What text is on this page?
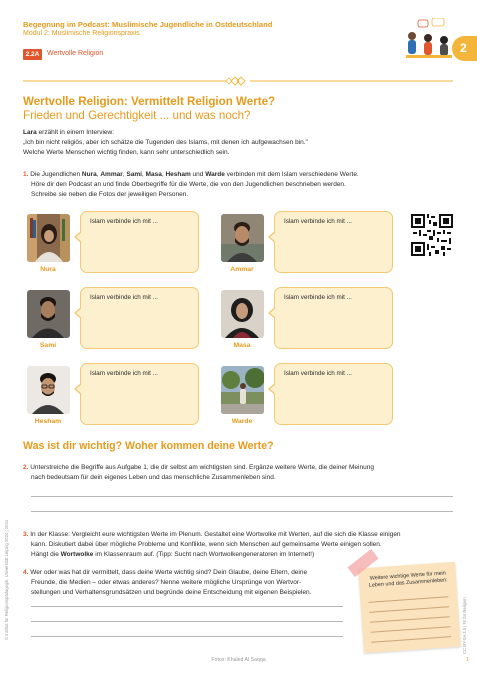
Begegnung im Podcast: Muslimische Jugendliche in Ostdeutschland
Modul 2: Muslimische Religionspraxis
2.2A	Wertvolle Religion	2
Wertvolle Religion: Vermittelt Religion Werte?
Frieden und Gerechtigkeit ... und was noch?
Lara erzählt in einem Interview:
„Ich bin nicht religiös, aber ich schätze die Tugenden des Islams, mit denen ich aufgewachsen bin."
Welche Werte Menschen wichtig finden, kann sehr unterschiedlich sein.
1. Die Jugendlichen Nura, Ammar, Sami, Masa, Hesham und Warde verbinden mit dem Islam verschiedene Werte.
Höre dir den Podcast an und finde Oberbegriffe für die Werte, die von den Jugendlichen beschrieben werden.
Schreibe sie neben die Fotos der jeweiligen Personen.
Nura
Islam verbinde ich mit ...
Ammar
Islam verbinde ich mit ...
Sami
Islam verbinde ich mit ...
Masa
Islam verbinde ich mit ...
Hesham
Islam verbinde ich mit ...
Warde
Islam verbinde ich mit ...
Was ist dir wichtig? Woher kommen deine Werte?
2. Unterstreiche die Begriffe aus Aufgabe 1, die dir selbst am wichtigsten sind. Ergänze weitere Werte, die deiner Meinung
nach bedeutsam für dein eigenes Leben und das menschliche Zusammenleben sind.
3. In der Klasse: Vergleicht eure wichtigsten Werte im Plenum. Gestaltet eine Wortwolke mit Werten, auf die sich die Klasse einigen
kann. Diskutiert dabei über mögliche Probleme und Konflikte, wenn sich Menschen auf gemeinsame Werte einigen sollen.
Hängt die Wortwolke im Klassenraum auf. (Tipp: Sucht nach Wortwolkengeneratoren im Internet!)
4. Wer oder was hat dir vermittelt, dass deine Werte wichtig sind? Dein Glaube, deine Eltern, deine
Freunde, die Medien – oder etwas anderes? Nenne weitere mögliche Ursprünge von Wertvor-
stellungen und Verhaltensgrundsätzen und begründe deine Entscheidung mit eigenen Beispielen.
Weitere wichtige Werte für mein Leben und das Zusammenleben:
Fotos: Khaled Al Saqqa
© Institut für Religionspädagogik, Universität Leipzig 2024 | 2024	CC BY-SA 4.0 | Fit für Religion
1
